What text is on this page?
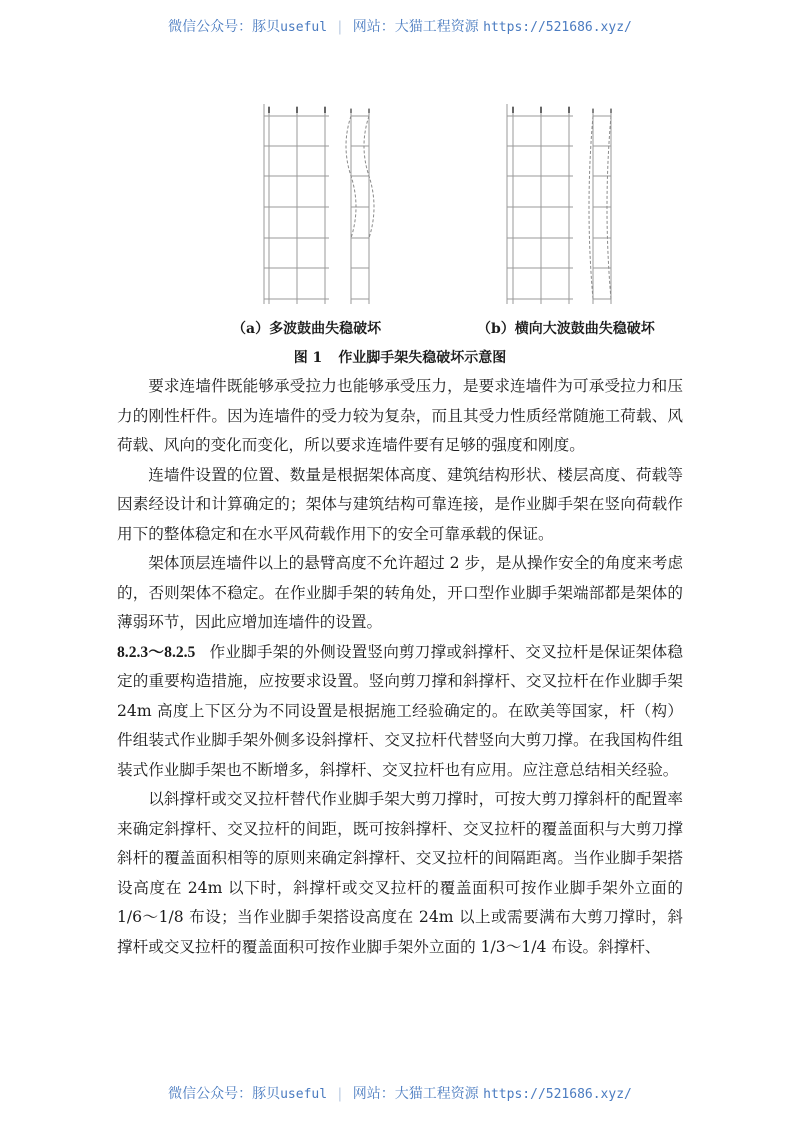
微信公众号：豚贝useful | 网站：大猫工程资源 https://521686.xyz/
（a）多波鼓曲失稳破坏	（b）横向大波鼓曲失稳破坏
图 1 作业脚手架失稳破坏示意图

要求连墙件既能够承受拉力也能够承受压力，是要求连墙件为可承受拉力和压力的刚性杆件。因为连墙件的受力较为复杂，而且其受力性质经常随施工荷载、风荷载、风向的变化而变化，所以要求连墙件要有足够的强度和刚度。

连墙件设置的位置、数量是根据架体高度、建筑结构形状、楼层高度、荷载等因素经设计和计算确定的；架体与建筑结构可靠连接，是作业脚手架在竖向荷载作用下的整体稳定和在水平风荷载作用下的安全可靠承载的保证。

架体顶层连墙件以上的悬臂高度不允许超过 2 步，是从操作安全的角度来考虑的，否则架体不稳定。在作业脚手架的转角处，开口型作业脚手架端部都是架体的薄弱环节，因此应增加连墙件的设置。

8.2.3～8.2.5 作业脚手架的外侧设置竖向剪刀撑或斜撑杆、交叉拉杆是保证架体稳定的重要构造措施，应按要求设置。竖向剪刀撑和斜撑杆、交叉拉杆在作业脚手架 24m 高度上下区分为不同设置是根据施工经验确定的。在欧美等国家，杆（构）件组装式作业脚手架外侧多设斜撑杆、交叉拉杆代替竖向大剪刀撑。在我国构件组装式作业脚手架也不断增多，斜撑杆、交叉拉杆也有应用。应注意总结相关经验。

以斜撑杆或交叉拉杆替代作业脚手架大剪刀撑时，可按大剪刀撑斜杆的配置率来确定斜撑杆、交叉拉杆的间距，既可按斜撑杆、交叉拉杆的覆盖面积与大剪刀撑斜杆的覆盖面积相等的原则来确定斜撑杆、交叉拉杆的间隔距离。当作业脚手架搭设高度在 24m 以下时，斜撑杆或交叉拉杆的覆盖面积可按作业脚手架外立面的 1/6～1/8 布设；当作业脚手架搭设高度在 24m 以上或需要满布大剪刀撑时，斜撑杆或交叉拉杆的覆盖面积可按作业脚手架外立面的 1/3～1/4 布设。斜撑杆、

微信公众号：豚贝useful | 网站：大猫工程资源 https://521686.xyz/
